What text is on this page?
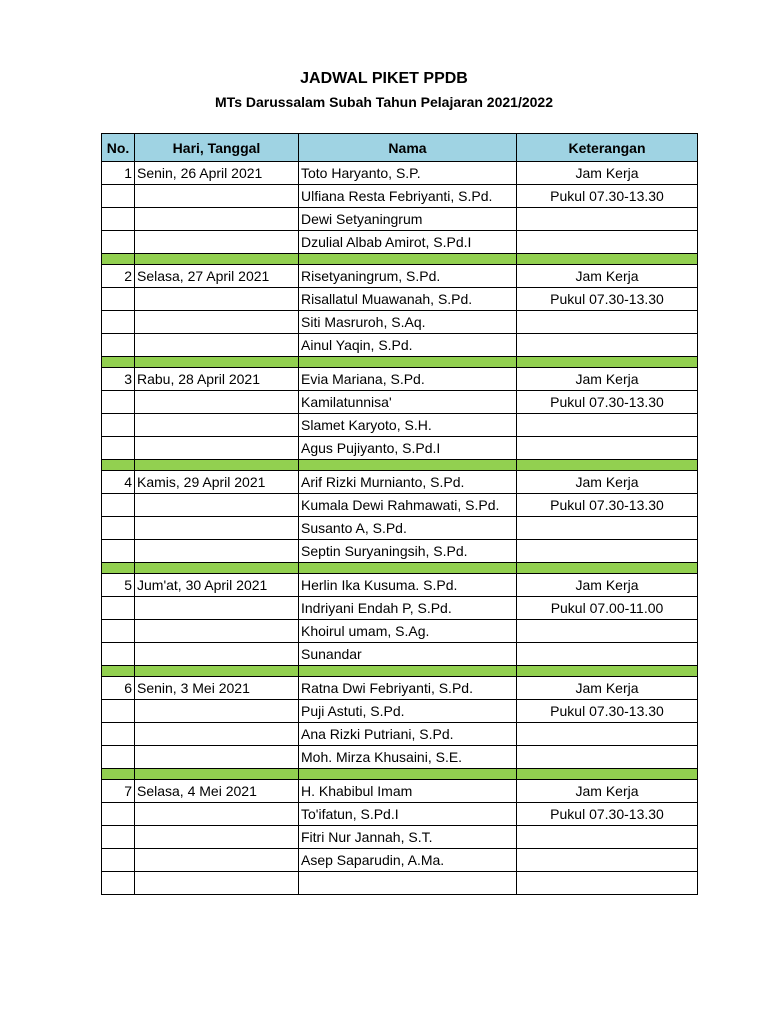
JADWAL PIKET PPDB
MTs Darussalam Subah Tahun Pelajaran 2021/2022
No.	Hari, Tanggal	Nama	Keterangan
1	Senin, 26 April 2021	Toto Haryanto, S.P.	Jam Kerja
		Ulfiana Resta Febriyanti, S.Pd.	Pukul 07.30-13.30
		Dewi Setyaningrum	
		Dzulial Albab Amirot, S.Pd.I	

2	Selasa, 27 April 2021	Risetyaningrum, S.Pd.	Jam Kerja
		Risallatul Muawanah, S.Pd.	Pukul 07.30-13.30
		Siti Masruroh, S.Aq.	
		Ainul Yaqin, S.Pd.	

3	Rabu, 28 April 2021	Evia Mariana, S.Pd.	Jam Kerja
		Kamilatunnisa'	Pukul 07.30-13.30
		Slamet Karyoto, S.H.	
		Agus Pujiyanto, S.Pd.I	

4	Kamis, 29 April 2021	Arif Rizki Murnianto, S.Pd.	Jam Kerja
		Kumala Dewi Rahmawati, S.Pd.	Pukul 07.30-13.30
		Susanto A, S.Pd.	
		Septin Suryaningsih, S.Pd.	

5	Jum'at, 30 April 2021	Herlin Ika Kusuma. S.Pd.	Jam Kerja
		Indriyani Endah P, S.Pd.	Pukul 07.00-11.00
		Khoirul umam, S.Ag.	
		Sunandar	

6	Senin, 3 Mei 2021	Ratna Dwi Febriyanti, S.Pd.	Jam Kerja
		Puji Astuti, S.Pd.	Pukul 07.30-13.30
		Ana Rizki Putriani, S.Pd.	
		Moh. Mirza Khusaini, S.E.	

7	Selasa, 4 Mei 2021	H. Khabibul Imam	Jam Kerja
		To'ifatun, S.Pd.I	Pukul 07.30-13.30
		Fitri Nur Jannah, S.T.	
		Asep Saparudin, A.Ma.	
